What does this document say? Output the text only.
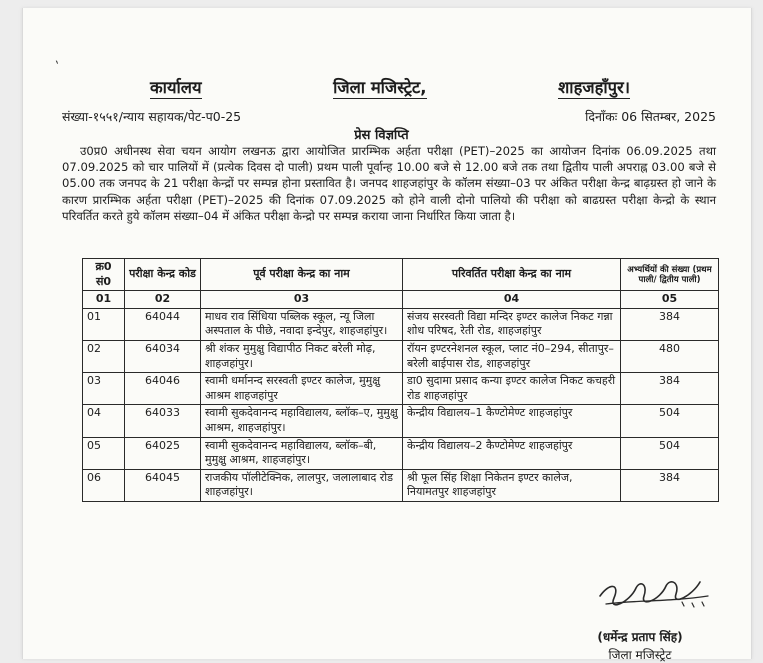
ˋ
कार्यालय	जिला मजिस्ट्रेट,	शाहजहाँपुर।
संख्या-१५५१/न्याय सहायक/पेट-प0-25	दिनाँकः 06 सितम्बर, 2025
प्रेस विज्ञप्ति
उ0प्र0 अधीनस्थ सेवा चयन आयोग लखनऊ द्वारा आयोजित प्रारम्भिक अर्हता परीक्षा (PET)–2025 का आयोजन दिनांक 06.09.2025 तथा 07.09.2025 को चार पालियों में (प्रत्येक दिवस दो पाली) प्रथम पाली पूर्वान्ह 10.00 बजे से 12.00 बजे तक तथा द्वितीय पाली अपराह्न 03.00 बजे से 05.00 तक जनपद के 21 परीक्षा केन्द्रों पर सम्पन्न होना प्रस्तावित है। जनपद शाहजहांपुर के कॉलम संख्या–03 पर अंकित परीक्षा केन्द्र बाढ़ग्रस्त हो जाने के कारण प्रारम्भिक अर्हता परीक्षा (PET)–2025 की दिनांक 07.09.2025 को होने वाली दोनो पालियो की परीक्षा को बाढग्रस्त परीक्षा केन्द्रो के स्थान परिवर्तित करते हुये कॉलम संख्या–04 में अंकित परीक्षा केन्द्रो पर सम्पन्न कराया जाना निर्धारित किया जाता है।
क्र0 सं0	परीक्षा केन्द्र कोड	पूर्व परीक्षा केन्द्र का नाम	परिवर्तित परीक्षा केन्द्र का नाम	अभ्यर्थियों की संख्या (प्रथम पाली/ द्वितीय पाली)
01	02	03	04	05
01	64044	माधव राव सिंधिया पब्लिक स्कूल, न्यू जिला अस्पताल के पीछे, नवादा इन्देपुर, शाहजहांपुर।	संजय सरस्वती विद्या मन्दिर इण्टर कालेज निकट गन्ना शोध परिषद, रेती रोड, शाहजहांपुर	384
02	64034	श्री शंकर मुमुक्षु विद्यापीठ निकट बरेली मोढ़, शाहजहांपुर।	रॉयन इण्टरनेशनल स्कूल, प्लाट नं0–294, सीतापुर–बरेली बाईपास रोड, शाहजहांपुर	480
03	64046	स्वामी धर्मानन्द सरस्वती इण्टर कालेज, मुमुक्षु आश्रम शाहजहांपुर	डा0 सुदामा प्रसाद कन्या इण्टर कालेज निकट कचहरी रोड शाहजहांपुर	384
04	64033	स्वामी सुकदेवानन्द महाविद्यालय, ब्लॉक–ए, मुमुक्षु आश्रम, शाहजहांपुर।	केन्द्रीय विद्यालय–1 कैण्टोमेण्ट शाहजहांपुर	504
05	64025	स्वामी सुकदेवानन्द महाविद्यालय, ब्लॉक–बी, मुमुक्षु आश्रम, शाहजहांपुर।	केन्द्रीय विद्यालय–2 कैण्टोमेण्ट शाहजहांपुर	504
06	64045	राजकीय पॉलीटेक्निक, लालपुर, जलालाबाद रोड शाहजहांपुर।	श्री फूल सिंह शिक्षा निकेतन इण्टर कालेज, नियामतपुर शाहजहांपुर	384
(धर्मेन्द्र प्रताप सिंह)
जिला मजिस्ट्रेट
